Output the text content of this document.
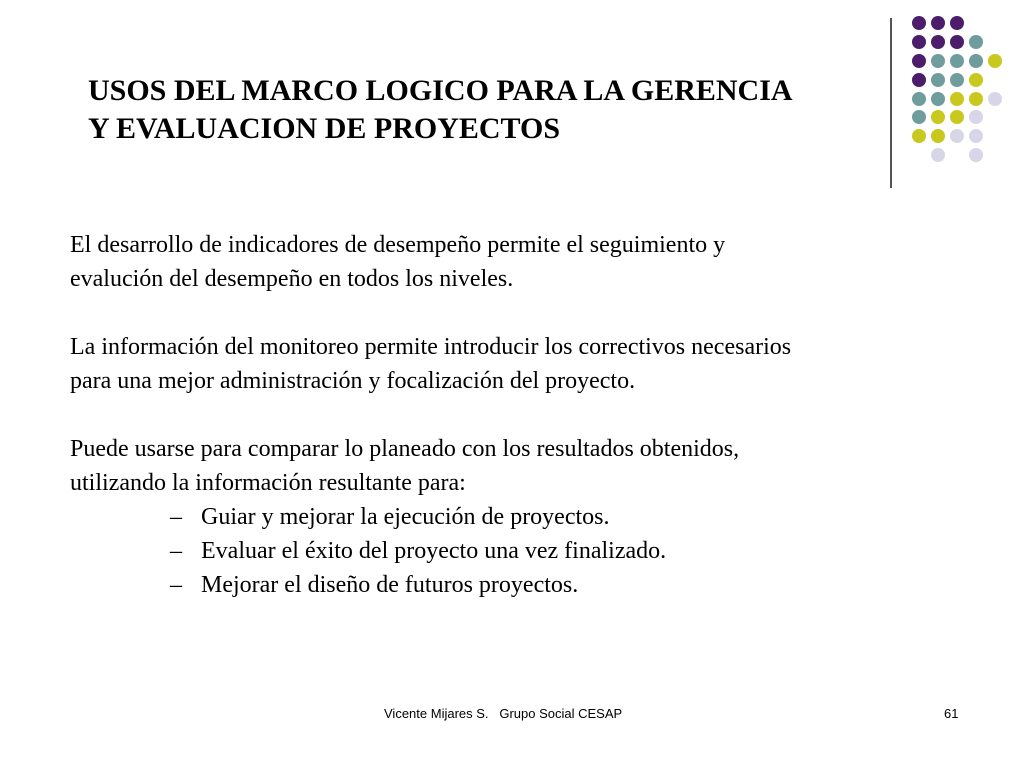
USOS DEL MARCO LOGICO PARA LA GERENCIA
Y EVALUACION DE PROYECTOS

El desarrollo de indicadores de desempeño permite el seguimiento y
evalución del desempeño en todos los niveles.

La información del monitoreo permite introducir los correctivos necesarios
para una mejor administración y focalización del proyecto.

Puede usarse para comparar lo planeado con los resultados obtenidos,
utilizando la información resultante para:

– Guiar y mejorar la ejecución de proyectos.
– Evaluar el éxito del proyecto una vez finalizado.
– Mejorar el diseño de futuros proyectos.
Vicente Mijares S.   Grupo Social CESAP	61
